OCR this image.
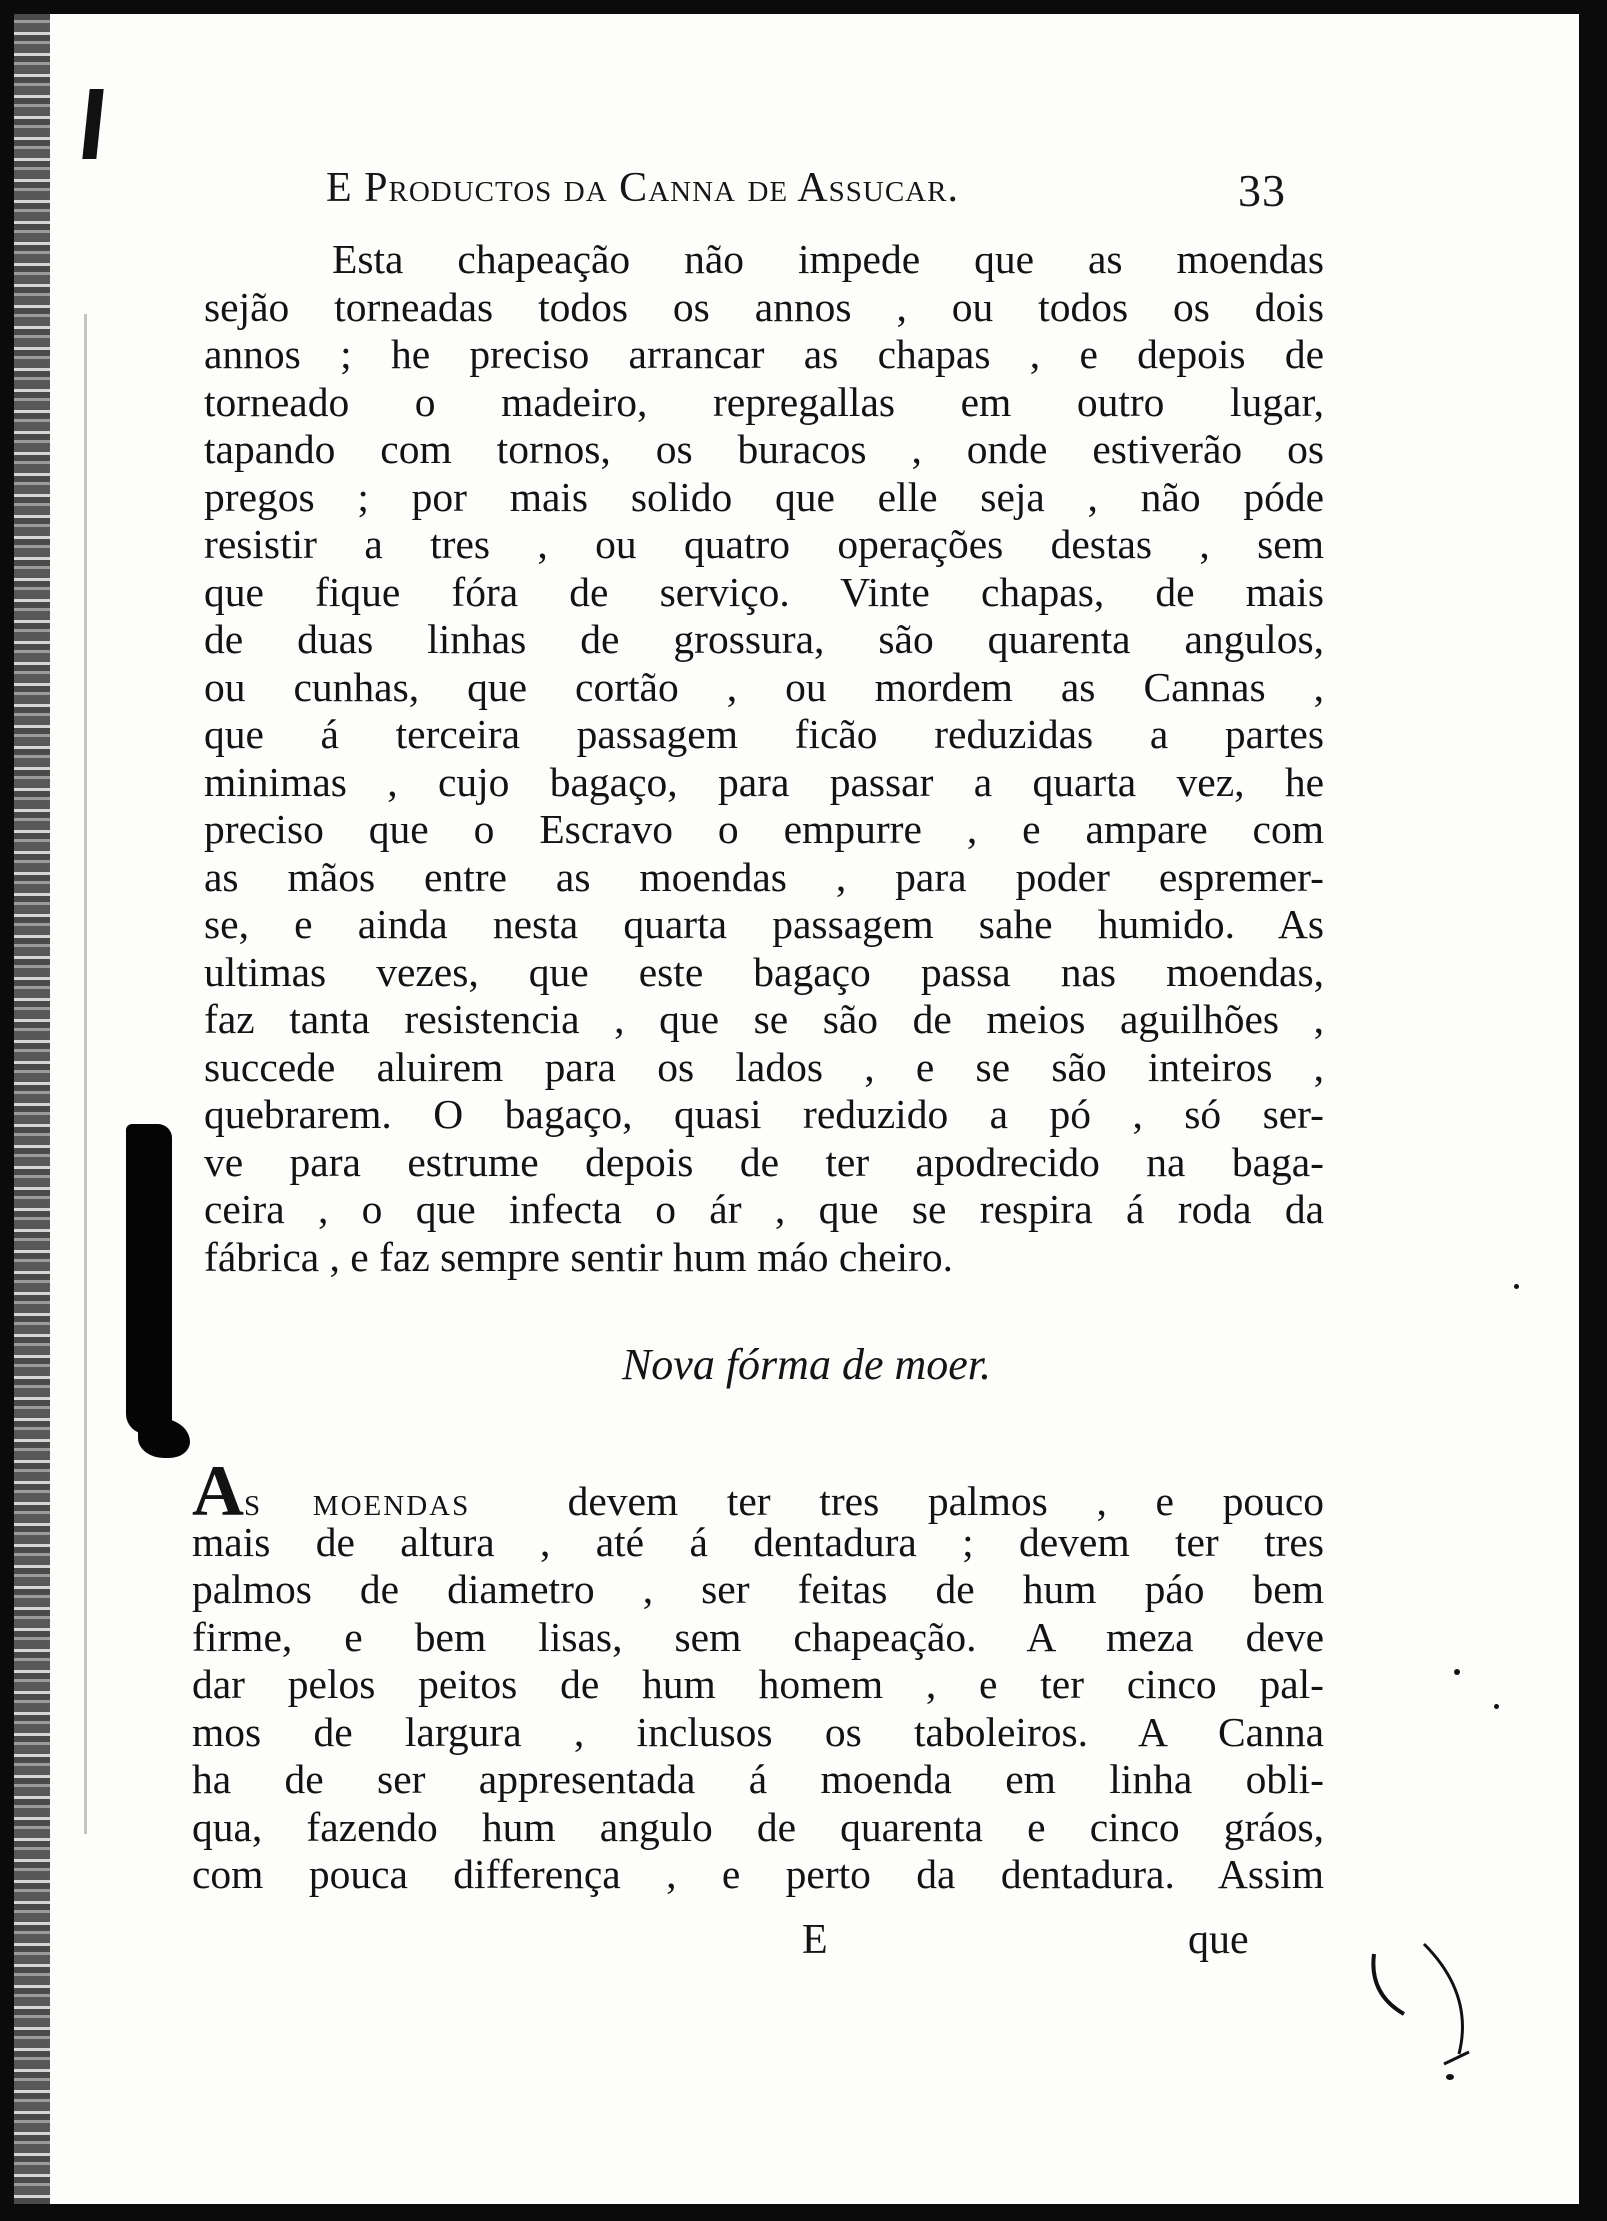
E Productos da Canna de Assucar.	33
Esta chapeação não impede que as moendas
sejão torneadas todos os annos , ou todos os dois
annos ; he preciso arrancar as chapas , e depois de
torneado o madeiro, repregallas em outro lugar,
tapando com tornos, os buracos , onde estiverão os
pregos ; por mais solido que elle seja , não póde
resistir a tres , ou quatro operações destas , sem
que fique fóra de serviço. Vinte chapas, de mais
de duas linhas de grossura, são quarenta angulos,
ou cunhas, que cortão , ou mordem as Cannas ,
que á terceira passagem ficão reduzidas a partes
minimas , cujo bagaço, para passar a quarta vez, he
preciso que o Escravo o empurre , e ampare com
as mãos entre as moendas , para poder espremer-
se, e ainda nesta quarta passagem sahe humido. As
ultimas vezes, que este bagaço passa nas moendas,
faz tanta resistencia , que se são de meios aguilhões ,
succede aluirem para os lados , e se são inteiros ,
quebrarem. O bagaço, quasi reduzido a pó , só ser-
ve para estrume depois de ter apodrecido na baga-
ceira , o que infecta o ár , que se respira á roda da
fábrica , e faz sempre sentir hum máo cheiro.
Nova fórma de moer.
As moendas devem ter tres palmos , e pouco
mais de altura , até á dentadura ; devem ter tres
palmos de diametro , ser feitas de hum páo bem
firme, e bem lisas, sem chapeação. A meza deve
dar pelos peitos de hum homem , e ter cinco pal-
mos de largura , inclusos os taboleiros. A Canna
ha de ser appresentada á moenda em linha obli-
qua, fazendo hum angulo de quarenta e cinco gráos,
com pouca differença , e perto da dentadura. Assim
E	que
